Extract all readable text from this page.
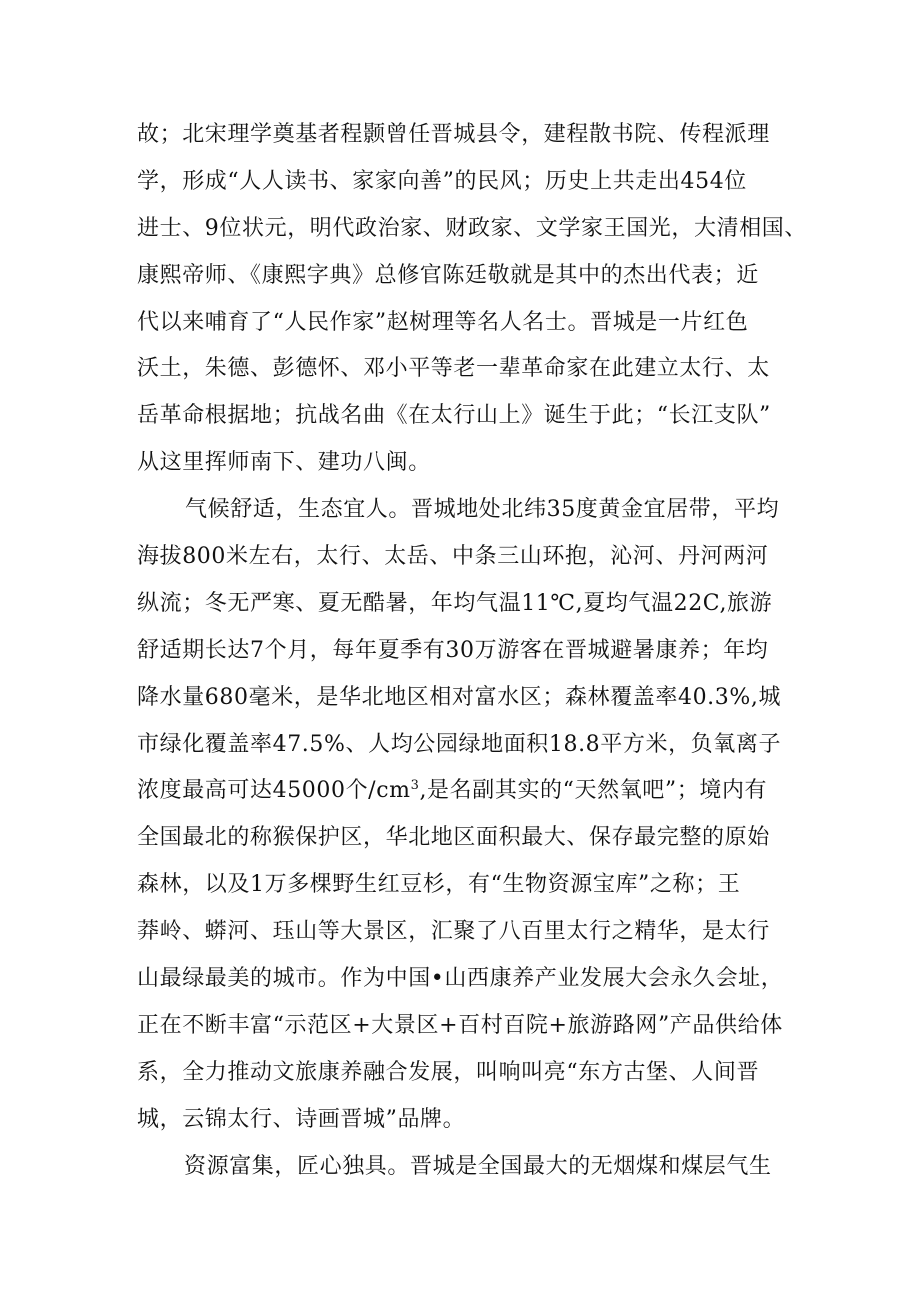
故；北宋理学奠基者程颢曾任晋城县令，建程散书院、传程派理
学，形成“人人读书、家家向善”的民风；历史上共走出454位
进士、9位状元，明代政治家、财政家、文学家王国光，大清相国、
康熙帝师、《康熙字典》总修官陈廷敬就是其中的杰出代表；近
代以来哺育了“人民作家”赵树理等名人名士。晋城是一片红色
沃土，朱德、彭德怀、邓小平等老一辈革命家在此建立太行、太
岳革命根据地；抗战名曲《在太行山上》诞生于此；“长江支队”
从这里挥师南下、建功八闽。
气候舒适，生态宜人。晋城地处北纬35度黄金宜居带，平均
海拔800米左右，太行、太岳、中条三山环抱，沁河、丹河两河
纵流；冬无严寒、夏无酷暑，年均气温11℃,夏均气温22C,旅游
舒适期长达7个月，每年夏季有30万游客在晋城避暑康养；年均
降水量680毫米，是华北地区相对富水区；森林覆盖率40.3%,城
市绿化覆盖率47.5%、人均公园绿地面积18.8平方米，负氧离子
浓度最高可达45000个$/cm^3$,是名副其实的“天然氧吧”；境内有
全国最北的称猴保护区，华北地区面积最大、保存最完整的原始
森林，以及1万多棵野生红豆杉，有“生物资源宝库”之称；王
莽岭、蟒河、珏山等大景区，汇聚了八百里太行之精华，是太行
山最绿最美的城市。作为中国•山西康养产业发展大会永久会址，
正在不断丰富“示范区+大景区+百村百院+旅游路网”产品供给体
系，全力推动文旅康养融合发展，叫响叫亮“东方古堡、人间晋
城，云锦太行、诗画晋城”品牌。
资源富集，匠心独具。晋城是全国最大的无烟煤和煤层气生
